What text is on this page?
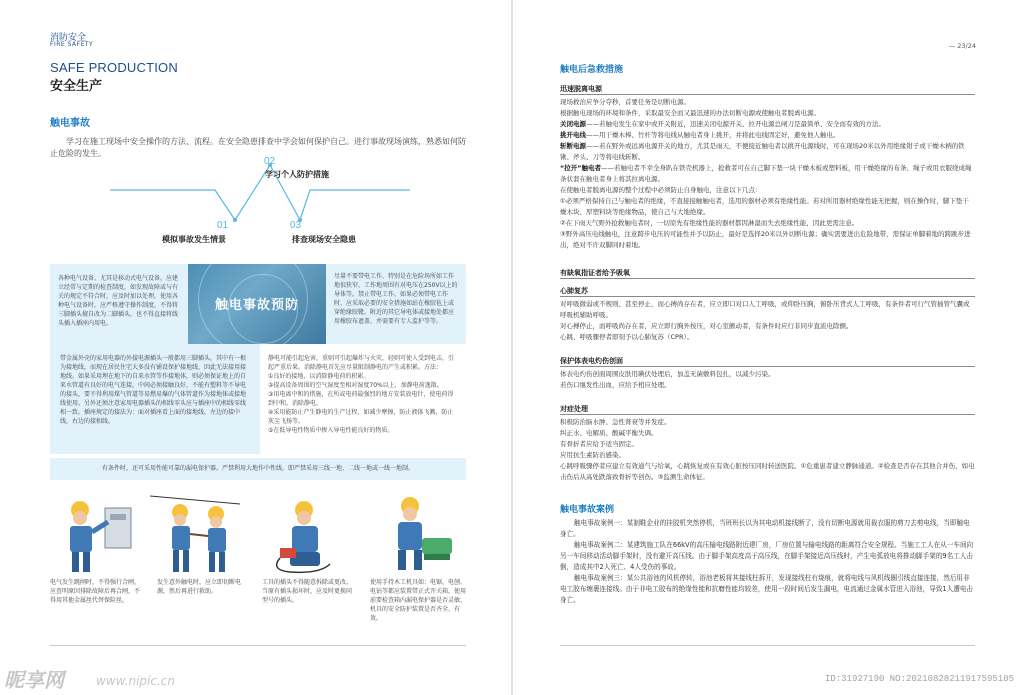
消防安全
FIRE SAFETY
SAFE PRODUCTION
安全生产
触电事故
学习在施工现场中安全操作的方法、流程。在安全隐患排查中学会如何保护自己。进行事故现场演练，熟悉如何防止危险的发生。
01
模拟事故发生情景
02
学习个人防护措施
03
排查现场安全隐患
各种电气设备、尤其是移动式电气设备，应建立经常与定期的检查制度，如发现故障或与有关的规定不符合时，应及时加以处理。使用各种电气设备时，应严格遵守操作制度，不得将三脚插头擅自改为二脚插头，也不得直接将线头插入插座内用电。
触电事故预防
尽量不要带电工作，特别是在危险场所如工作地很狭窄，工作地周围有对电压在250V以上的导体等。禁止带电工作。如果必须带电工作时，应采取必要的安全措施如站在橡胶毡上或穿绝缘胶靴，附近的其它导电体或接地处都应用橡胶布遮盖，并需要有专人监护等等。
带金属外壳的家用电器的外接电源插头一般都用三脚插头，其中有一根为接地线，而现在居民住宅大多没有铺设保护接地线，因此无法接用接地线。如果采用埋在地下的自来水管等作接地体，则必须保证地上的自来水管道有良好的电气连接，中间必须接触良好，不能有塑料等不导电的接头，要不得利用煤气管道等易燃易爆的气体管道作为接地体或接地线使用。另外还须注意家用电器插头的相线零头应与插座中的相线零线相一致。插座规定的接法为：面对插座看上面的接地线，左边的接中线，右边的接相线。
静电可能引起危害，重则可引起爆炸与火灾，轻则可使人受到电击，引起严重后果。消除静电首先应尽量限制静电的产生或积累。方法：
①良好的接地，以消除静电荷的积累。
②提高设备周围的空气湿度至相对湿度70%以上，加静电荷逸散。
③用电离中和的措施，在所或电荷最强烈的地方安装放电针，使电荷得到中和，消除静电。
④采用能防止产生静电的生产过程，如减少摩擦，防止液体飞溅，防止灰尘飞扬等。
⑤在低导电性物质中掺入导电性能良好的物质。
有条件时，还可采用性能可靠的漏电保护器。严禁利用大地作中性线，即严禁采用三线一地、二线一地或一线一地制。
电气发生跳闸时，不得强行合闸，应查明原因排除故障后再合闸，不得用其他金属丝代替保险丝。
发生意外触电时，应立即切断电源，然后再进行救助。
工具的插头不得随意拆除或更改。当原有插头损坏时，应及时更换同型号的插头。
使用手持木工机具如：电锯、电刨、电钻等都应装置带正式开关箱，使用前要检查箱内漏电保护器是否灵敏，机具的安全防护装置是否齐全、有效。
— 23/24
触电后急救措施
迅速脱离电源

现场救治应争分夺秒，首要任务是切断电源。

根据触电现场的环境和条件，采取最安全而又最迅速的办法切断电源或使触电者脱离电源。

关闭电源——若触电发生在家中或开关附近，迅速关闭电源开关、拉开电源总闸刀是最简单、安全而有效的方法。

挑开电线——用干燥木棒、竹杆等将电线从触电者身上挑开，并将此电线固定好，避免他人触电。

斩断电源——若在野外或远离电源开关的地方，尤其是雨天，不便接近触电者以挑开电源线时，可在现场20米以外用绝缘钳子或干燥木柄的铁锹、斧头、刀等将电线斩断。

“拉开”触电者——若触电者不幸全身趴在铁壳机器上，抢救者可在自己脚下垫一块干燥木板或塑料板，用干燥绝缘的布条、绳子或用衣服绕成绳条状套在触电者身上将其拉离电源。

在使触电者脱离电源的整个过程中必须防止自身触电，注意以下几点：

①必须严格保持自己与触电者的绝缘，不直接接触触电者，选用的器材必须有绝缘性能。若对所用器材绝缘性能无把握，则在操作时，脚下垫干燥木块、厚塑料块等绝缘物品，使自己与大地绝缘。

②在下雨天气野外抢救触电者时，一切原先有绝缘性能的器材都因淋湿而失去绝缘性能，因此更需注意。

③野外高压电线触电，注意跨步电压的可能性并予以防止，最好是选择20米以外切断电源；确实需要进出危险地带，需保证单脚着地的跨跳步进出，绝对不许双脚同时着地。

有缺氧指证者给予吸氧
心肺复苏

对呼吸微弱或不规则、甚至停止，而心搏尚存在者，应立即口对口人工呼吸，或仰卧压胸，俯卧压背式人工呼吸，有条件者可行气管插管气囊或呼吸机辅助呼吸。

对心搏停止，而呼吸尚存在者，应立即行胸外按压，对心室颤动者，有条件时应行非同步直流电除颤。

心跳、呼吸骤停者即刻予以心肺复苏（CPR）。

保护体表电灼伤创面

体表电灼伤创面周围皮肤用碘伏处理后，加盖无菌敷料包扎，以减少污染。

若伤口继发性出血，应给予相应处理。

对症处理

积极防治脑水肿、急性肾衰等并发症。

纠正水、电解质、酸碱平衡失调。

有骨折者应给予适当固定。

应用抗生素防治感染。

心跳呼吸骤停者应建立有效通气与给氧，心跳恢复或在有效心脏按压同时转送医院。①危重患者建立静脉通道。②检查是否存在其他合并伤，如电击伤后从高处跌落致骨折等创伤。③监测生命体征。

触电事故案例

触电事故案例一：某制鞋企业的挂胶机突然停机，当班班长以为其电动机接线断了，没有切断电源就用裁衣服的剪刀去剪电线，当即触电身亡。

触电事故案例二：某建筑施工队在66kV的高压输电线路附近建厂房，厂房位置与输电线路的距离符合安全规程。当施工工人在从一车间向另一车间移动活动脚手架时，没有避开高压线。由于脚手架高度高于高压线，在脚手架接近高压线时，产生电弧放电将推动脚手架的9名工人击倒，造成其中2人死亡、4人受伤的事故。

触电事故案例三：某公共浴池的风机停转，浴池老板将其接线柱拆开，发现接线柱有烧痕，就将电线与风机线圈引线直接连接，然后用非电工胶布缠裹连接线。由于非电工胶布的绝缘性能和抗磨性能均较差，使用一段时间后发生漏电，电流通过金属水管进入浴池，导致1人遭电击身亡。

昵享网	www.nipic.cn	ID:31927190 NO:20210828211917595105
